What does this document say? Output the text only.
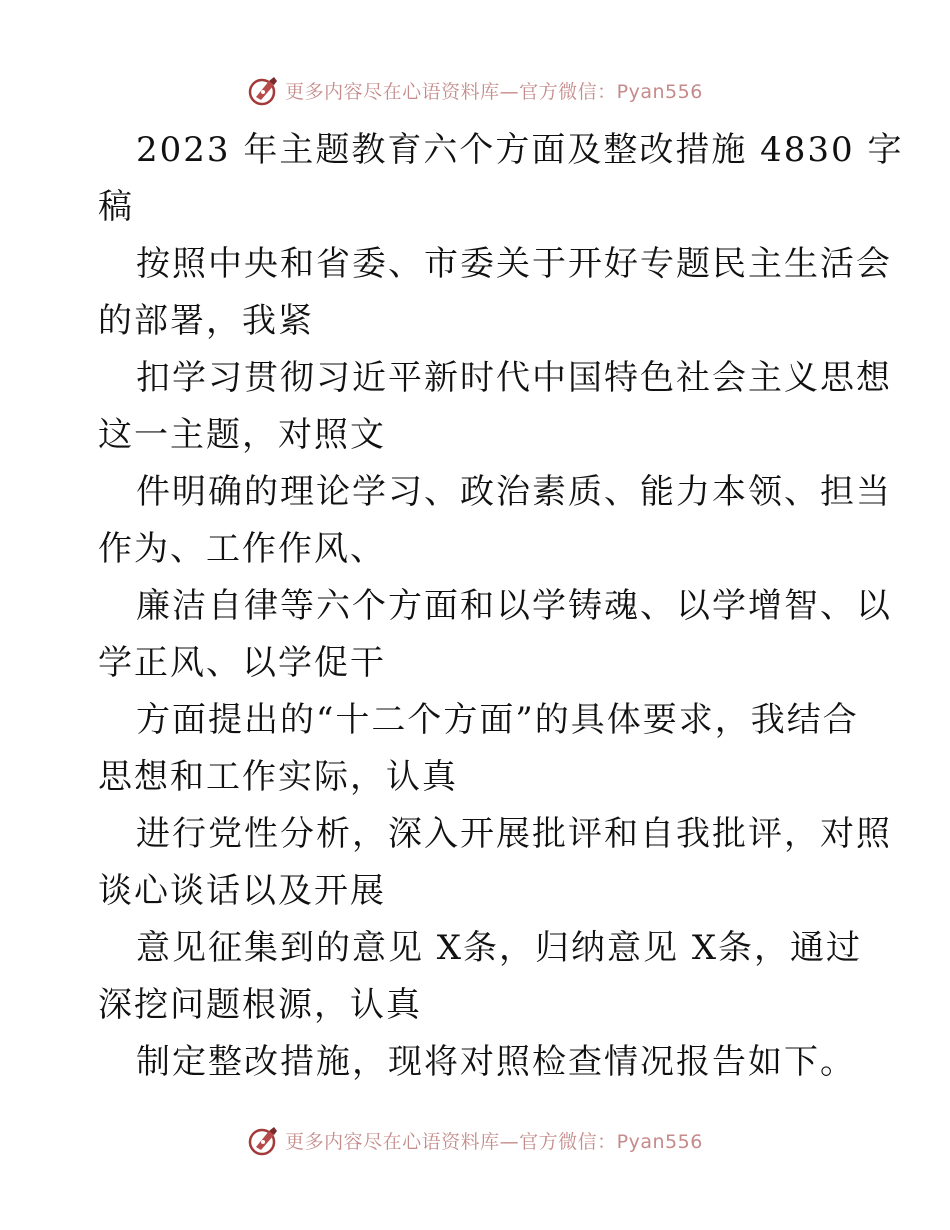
更多内容尽在心语资料库—官方微信：Pyan556
2023 年主题教育六个方面及整改措施 4830 字
稿
按照中央和省委、市委关于开好专题民主生活会
的部署，我紧
扣学习贯彻习近平新时代中国特色社会主义思想
这一主题，对照文
件明确的理论学习、政治素质、能力本领、担当
作为、工作作风、
廉洁自律等六个方面和以学铸魂、以学增智、以
学正风、以学促干
方面提出的“十二个方面”的具体要求，我结合
思想和工作实际，认真
进行党性分析，深入开展批评和自我批评，对照
谈心谈话以及开展
意见征集到的意见 X条，归纳意见 X条，通过
深挖问题根源，认真
制定整改措施，现将对照检查情况报告如下。
更多内容尽在心语资料库—官方微信：Pyan556
